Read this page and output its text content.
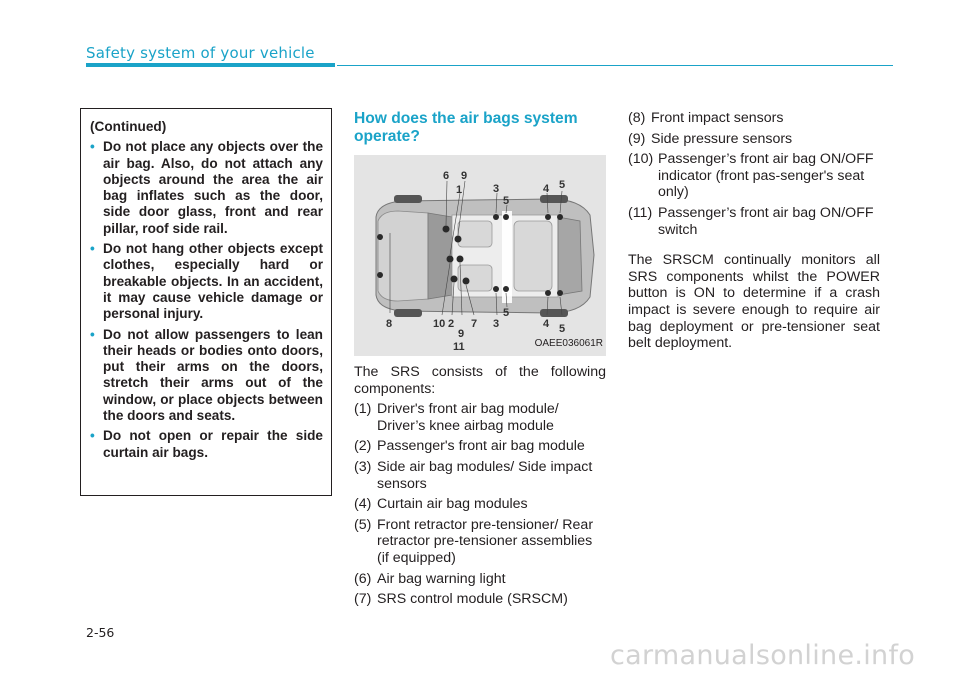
Safety system of your vehicle
(Continued)
• Do not place any objects over the air bag. Also, do not attach any objects around the area the air bag inflates such as the door, side door glass, front and rear pillar, roof side rail.
• Do not hang other objects except clothes, especially hard or breakable objects. In an accident, it may cause vehicle damage or personal injury.
• Do not allow passengers to lean their heads or bodies onto doors, put their arms on the doors, stretch their arms out of the window, or place objects between the doors and seats.
• Do not open or repair the side curtain air bags.
How does the air bags system operate?
6 9
1	3
5
4 5
8	10 2
9
7
11
3
5
4 5
OAEE036061R

The SRS consists of the following components:

(1) Driver's front air bag module/ Driver’s knee airbag module
(2) Passenger's front air bag module
(3) Side air bag modules/ Side impact sensors
(4) Curtain air bag modules
(5) Front retractor pre-tensioner/ Rear retractor pre-tensioner assemblies (if equipped)
(6) Air bag warning light
(7) SRS control module (SRSCM)
(8) Front impact sensors
(9) Side pressure sensors
(10) Passenger’s front air bag ON/OFF indicator (front pas-senger's seat only)
(11) Passenger’s front air bag ON/OFF switch

The SRSCM continually monitors all SRS components whilst the POWER button is ON to determine if a crash impact is severe enough to require air bag deployment or pre-tensioner seat belt deployment.

2-56
carmanualsonline.info
